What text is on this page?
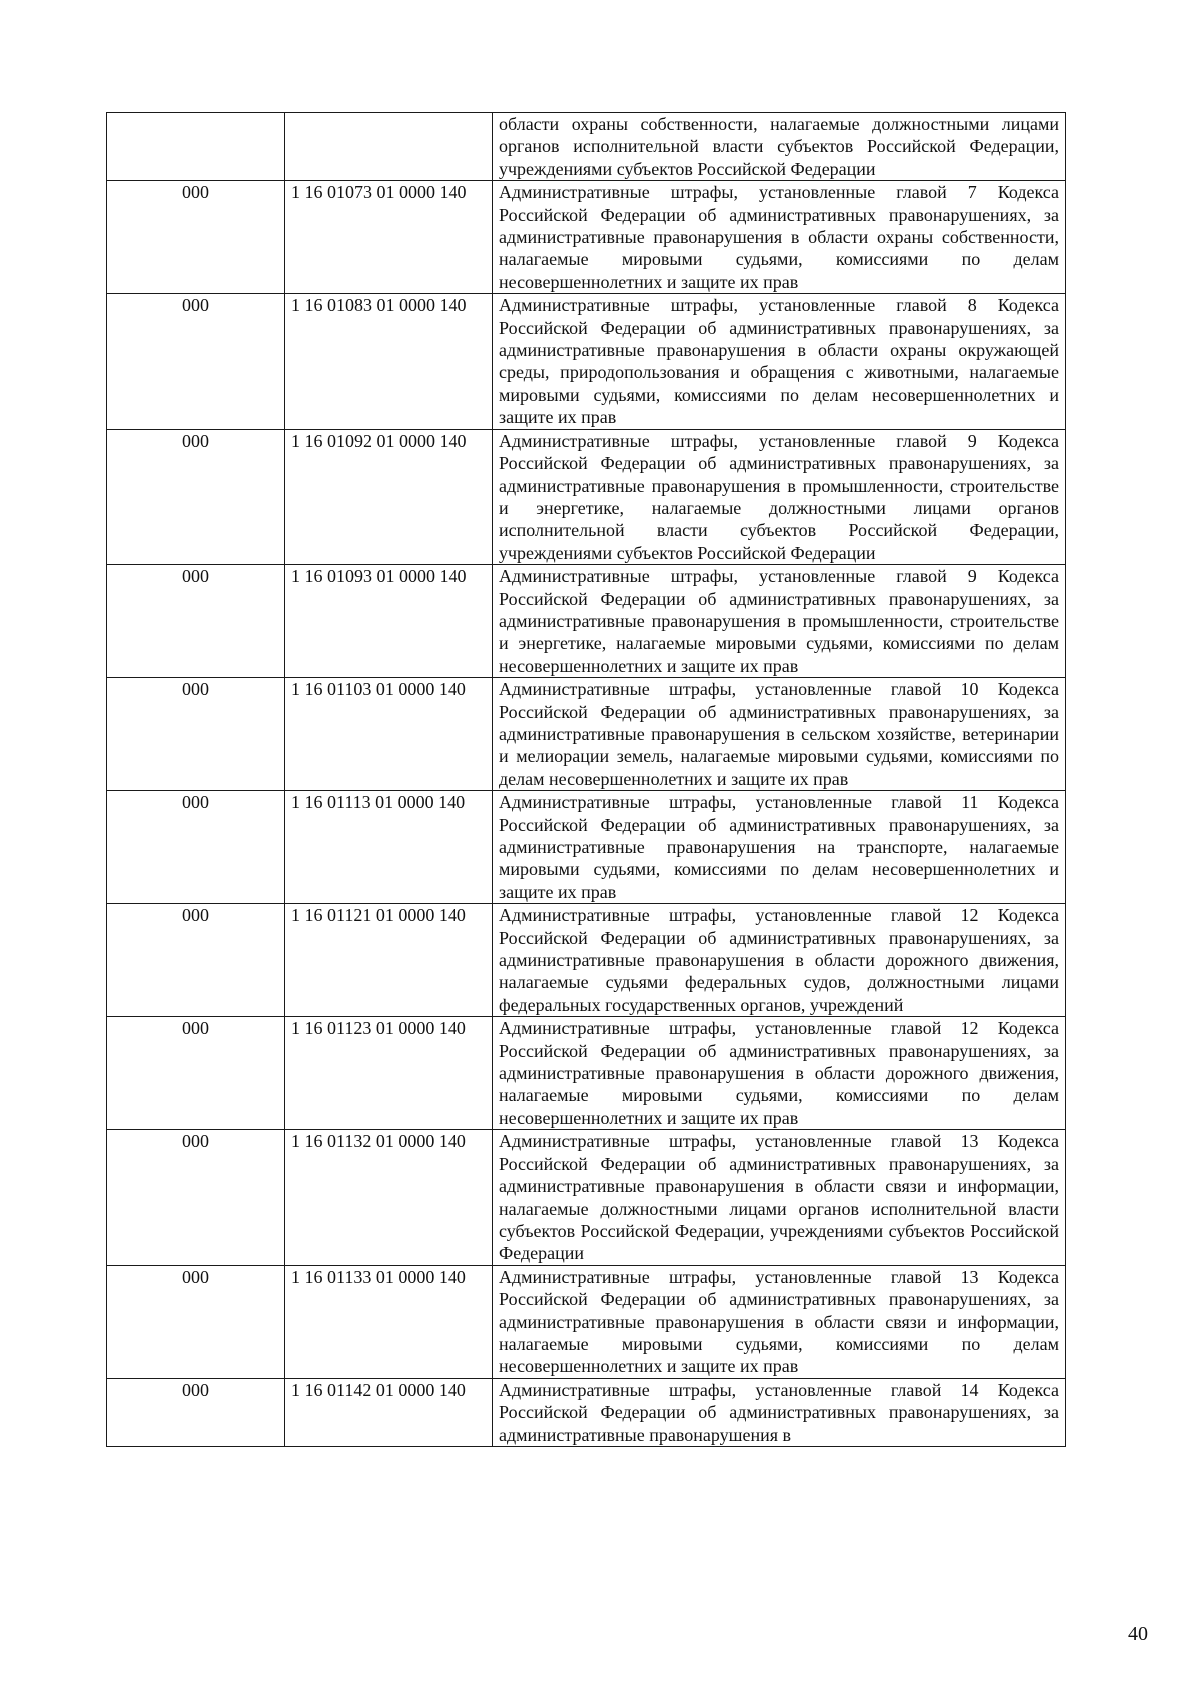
		области охраны собственности, налагаемые должностными лицами органов исполнительной власти субъектов Российской Федерации, учреждениями субъектов Российской Федерации
000	1 16 01073 01 0000 140	Административные штрафы, установленные главой 7 Кодекса Российской Федерации об административных правонарушениях, за административные правонарушения в области охраны собственности, налагаемые мировыми судьями, комиссиями по делам несовершеннолетних и защите их прав
000	1 16 01083 01 0000 140	Административные штрафы, установленные главой 8 Кодекса Российской Федерации об административных правонарушениях, за административные правонарушения в области охраны окружающей среды, природопользования и обращения с животными, налагаемые мировыми судьями, комиссиями по делам несовершеннолетних и защите их прав
000	1 16 01092 01 0000 140	Административные штрафы, установленные главой 9 Кодекса Российской Федерации об административных правонарушениях, за административные правонарушения в промышленности, строительстве и энергетике, налагаемые должностными лицами органов исполнительной власти субъектов Российской Федерации, учреждениями субъектов Российской Федерации
000	1 16 01093 01 0000 140	Административные штрафы, установленные главой 9 Кодекса Российской Федерации об административных правонарушениях, за административные правонарушения в промышленности, строительстве и энергетике, налагаемые мировыми судьями, комиссиями по делам несовершеннолетних и защите их прав
000	1 16 01103 01 0000 140	Административные штрафы, установленные главой 10 Кодекса Российской Федерации об административных правонарушениях, за административные правонарушения в сельском хозяйстве, ветеринарии и мелиорации земель, налагаемые мировыми судьями, комиссиями по делам несовершеннолетних и защите их прав
000	1 16 01113 01 0000 140	Административные штрафы, установленные главой 11 Кодекса Российской Федерации об административных правонарушениях, за административные правонарушения на транспорте, налагаемые мировыми судьями, комиссиями по делам несовершеннолетних и защите их прав
000	1 16 01121 01 0000 140	Административные штрафы, установленные главой 12 Кодекса Российской Федерации об административных правонарушениях, за административные правонарушения в области дорожного движения, налагаемые судьями федеральных судов, должностными лицами федеральных государственных органов, учреждений
000	1 16 01123 01 0000 140	Административные штрафы, установленные главой 12 Кодекса Российской Федерации об административных правонарушениях, за административные правонарушения в области дорожного движения, налагаемые мировыми судьями, комиссиями по делам несовершеннолетних и защите их прав
000	1 16 01132 01 0000 140	Административные штрафы, установленные главой 13 Кодекса Российской Федерации об административных правонарушениях, за административные правонарушения в области связи и информации, налагаемые должностными лицами органов исполнительной власти субъектов Российской Федерации, учреждениями субъектов Российской Федерации
000	1 16 01133 01 0000 140	Административные штрафы, установленные главой 13 Кодекса Российской Федерации об административных правонарушениях, за административные правонарушения в области связи и информации, налагаемые мировыми судьями, комиссиями по делам несовершеннолетних и защите их прав
000	1 16 01142 01 0000 140	Административные штрафы, установленные главой 14 Кодекса Российской Федерации об административных правонарушениях, за административные правонарушения в
40
